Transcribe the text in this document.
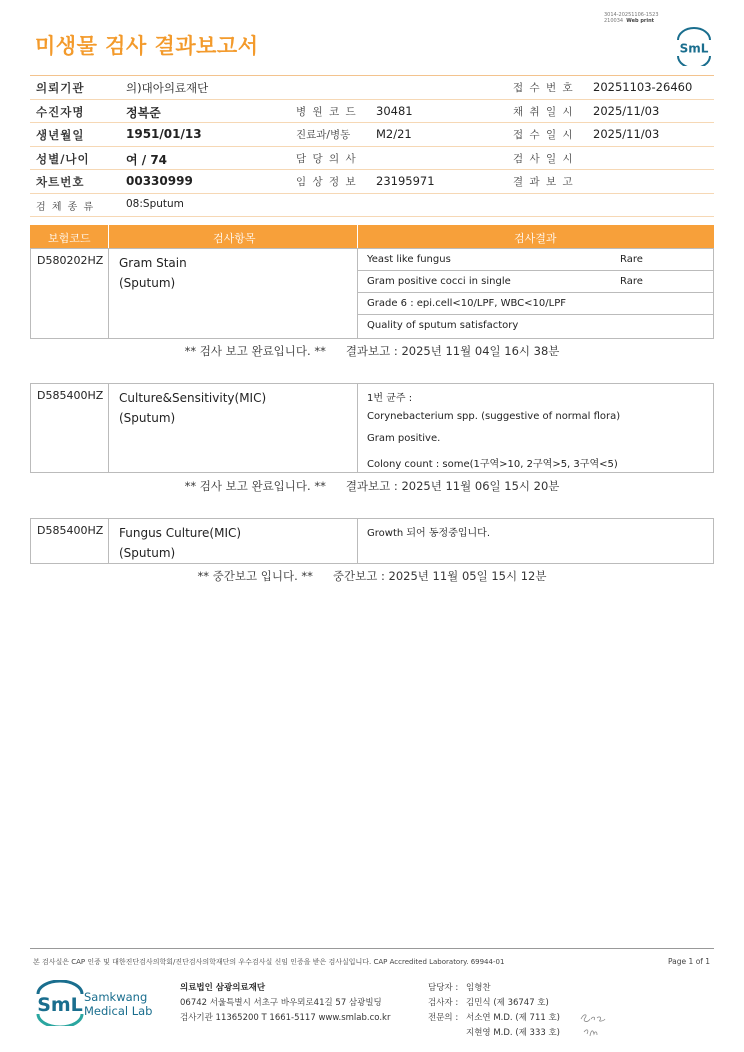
미생물 검사 결과보고서
3014-20251106-1523
210034 Web print
SmL
의뢰기관	의)대아의료재단	접 수 번 호 20251103-26460
수진자명	정복준	병 원 코 드 30481	채 취 일 시 2025/11/03
생년월일	1951/01/13	진료과/병동 M2/21	접 수 일 시 2025/11/03
성별/나이	여 / 74	담 당 의 사	검 사 일 시
차트번호	00330999	임 상 정 보 23195971	결 과 보 고
검 체 종 류	08:Sputum
보험코드	검사항목	검사결과
D580202HZ Gram Stain
(Sputum)
Yeast like fungus	Rare
Gram positive cocci in single	Rare
Grade 6 : epi.cell<10/LPF, WBC<10/LPF
Quality of sputum satisfactory
** 검사 보고 완료입니다. ** 결과보고 : 2025년 11월 04일 16시 38분
D585400HZ Culture&Sensitivity(MIC)
(Sputum)
1번 균주 :
Corynebacterium spp. (suggestive of normal flora)
Gram positive.
Colony count : some(1구역>10, 2구역>5, 3구역<5)
** 검사 보고 완료입니다. ** 결과보고 : 2025년 11월 06일 15시 20분
D585400HZ Fungus Culture(MIC)
(Sputum)
Growth 되어 동정중입니다.
** 중간보고 입니다. ** 중간보고 : 2025년 11월 05일 15시 12분
본 검사실은 CAP 인증 및 대한진단검사의학회/진단검사의학재단의 우수검사실 신임 인증을 받은 검사실입니다. CAP Accredited Laboratory. 69944-01	Page 1 of 1
SmL Samkwang
Medical Lab
의료법인 삼광의료재단
06742 서울특별시 서초구 바우뫼로41길 57 삼광빌딩
검사기관 11365200 T 1661-5117 www.smlab.co.kr
담당자 : 임형찬
검사자 : 김민식 (제 36747 호)
전문의 : 서소연 M.D. (제 711 호)
지현영 M.D. (제 333 호)
